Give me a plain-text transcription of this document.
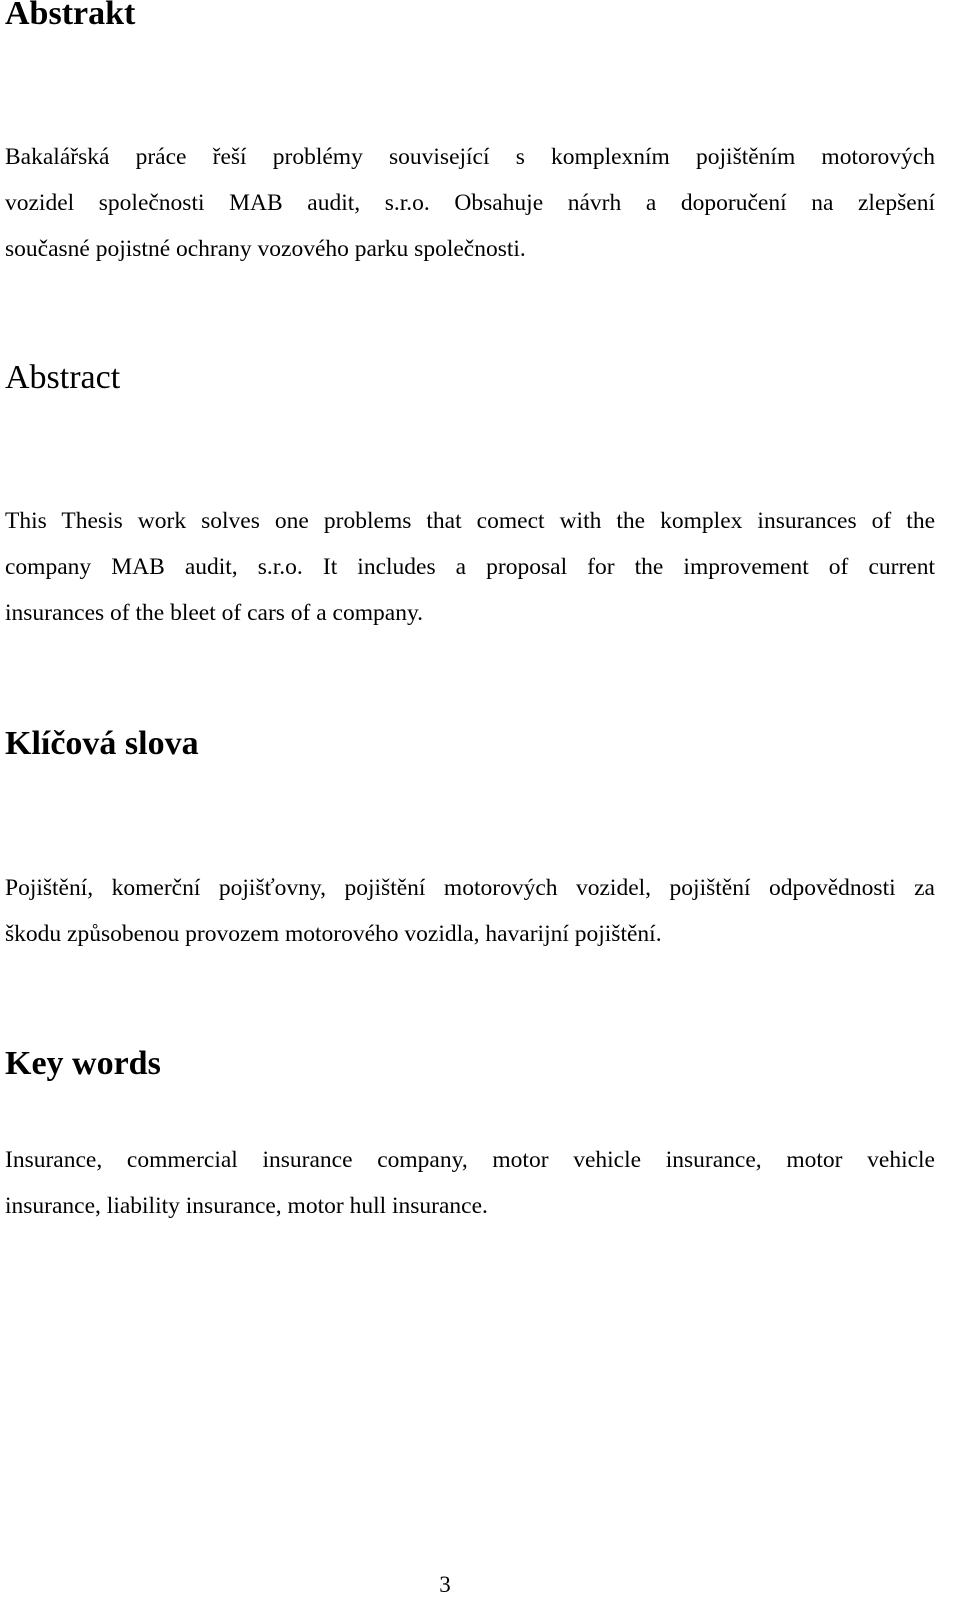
Abstrakt
Bakalářská práce řeší problémy související s komplexním pojištěním motorových
vozidel společnosti MAB audit, s.r.o. Obsahuje návrh a doporučení na zlepšení
současné pojistné ochrany vozového parku společnosti.
Abstract
This Thesis work solves one problems that comect with the komplex insurances of the
company MAB audit, s.r.o. It includes a proposal for the improvement of current
insurances of the bleet of cars of a company.
Klíčová slova
Pojištění, komerční pojišťovny, pojištění motorových vozidel, pojištění odpovědnosti za
škodu způsobenou provozem motorového vozidla, havarijní pojištění.
Key words
Insurance, commercial insurance company, motor vehicle insurance, motor vehicle
insurance, liability insurance, motor hull insurance.
3
